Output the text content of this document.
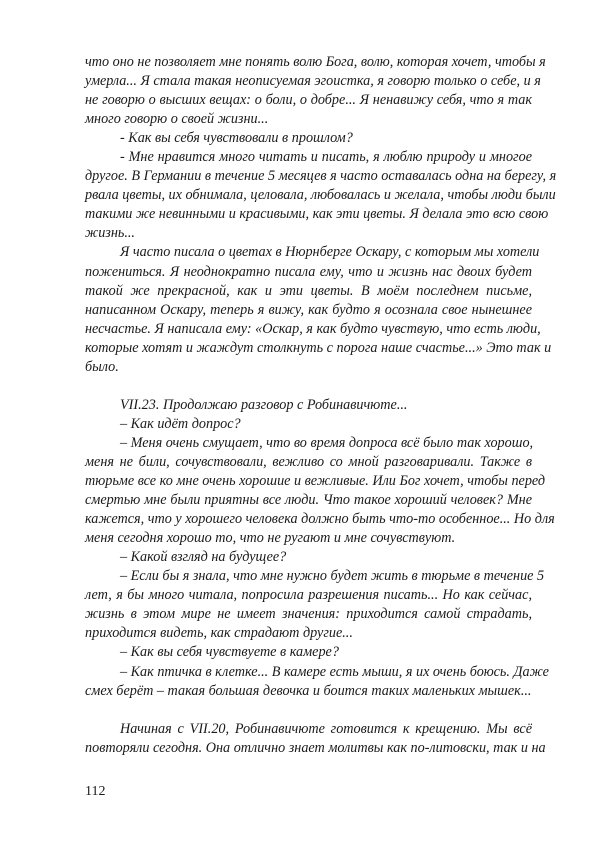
что оно не позволяет мне понять волю Бога, волю, которая хочет, чтобы я
умерла... Я стала такая неописуемая эгоистка, я говорю только о себе, и я
не говорю о высших вещах: о боли, о добре... Я ненавижу себя, что я так
много говорю о своей жизни...
- Как вы себя чувствовали в прошлом?
- Мне нравится много читать и писать, я люблю природу и многое
другое. В Германии в течение 5 месяцев я часто оставалась одна на берегу, я
рвала цветы, их обнимала, целовала, любовалась и желала, чтобы люди были
такими же невинными и красивыми, как эти цветы. Я делала это всю свою
жизнь...
Я часто писала о цветах в Нюрнберге Оскару, с которым мы хотели
пожениться. Я неоднократно писала ему, что и жизнь нас двоих будет
такой же прекрасной, как и эти цветы. В моём последнем письме,
написанном Оскару, теперь я вижу, как будто я осознала свое нынешнее
несчастье. Я написала ему: «Оскар, я как будто чувствую, что есть люди,
которые хотят и жаждут столкнуть с порога наше счастье...» Это так и
было.
VII.23. Продолжаю разговор с Робинавичюте...
– Как идёт допрос?
– Меня очень смущает, что во время допроса всё было так хорошо,
меня не били, сочувствовали, вежливо со мной разговаривали. Также в
тюрьме все ко мне очень хорошие и вежливые. Или Бог хочет, чтобы перед
смертью мне были приятны все люди. Что такое хороший человек? Мне
кажется, что у хорошего человека должно быть что-то особенное... Но для
меня сегодня хорошо то, что не ругают и мне сочувствуют.
– Какой взгляд на будущее?
– Если бы я знала, что мне нужно будет жить в тюрьме в течение 5
лет, я бы много читала, попросила разрешения писать... Но как сейчас,
жизнь в этом мире не имеет значения: приходится самой страдать,
приходится видеть, как страдают другие...
– Как вы себя чувствуете в камере?
– Как птичка в клетке... В камере есть мыши, я их очень боюсь. Даже
смех берёт – такая большая девочка и боится таких маленьких мышек...
Начиная с VII.20, Робинавичюте готовится к крещению. Мы всё
повторяли сегодня. Она отлично знает молитвы как по-литовски, так и на
112
